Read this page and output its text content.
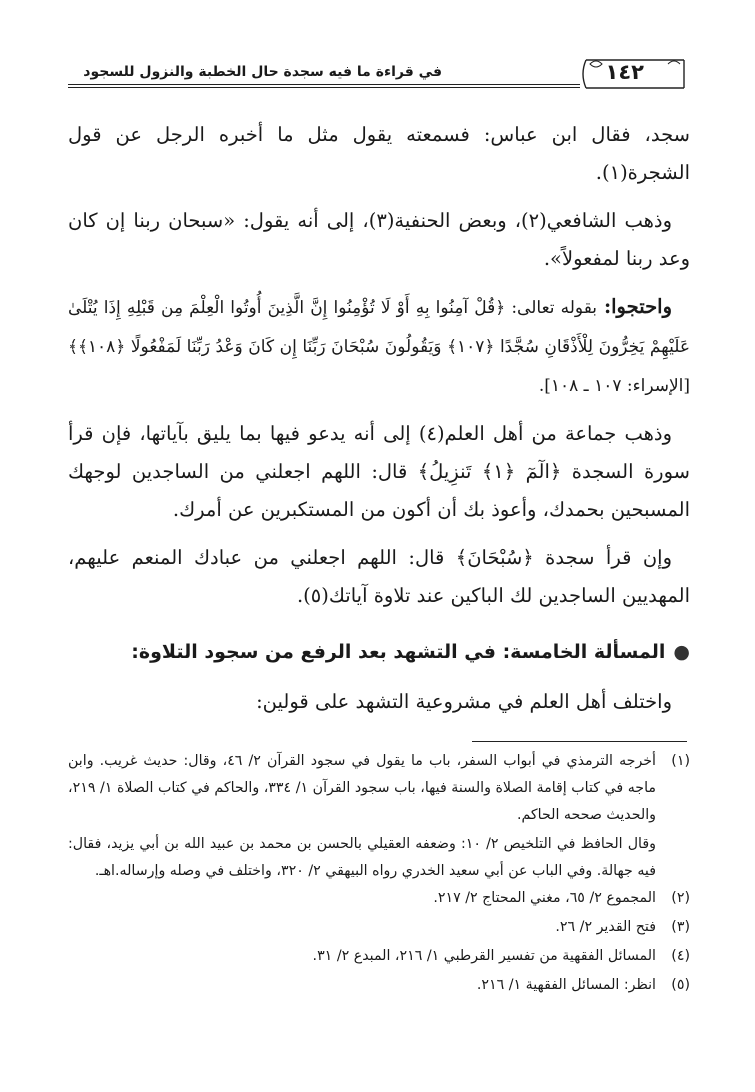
١٤٢
في قراءة ما فيه سجدة حال الخطبة والنزول للسجود

سجد، فقال ابن عباس: فسمعته يقول مثل ما أخبره الرجل عن قول الشجرة(١).

وذهب الشافعي(٢)، وبعض الحنفية(٣)، إلى أنه يقول: «سبحان ربنا إن كان وعد ربنا لمفعولاً».

واحتجوا: بقوله تعالى: ﴿قُلْ آمِنُوا بِهِ أَوْ لَا تُؤْمِنُوا إِنَّ الَّذِينَ أُوتُوا الْعِلْمَ مِن قَبْلِهِ إِذَا يُتْلَىٰ عَلَيْهِمْ يَخِرُّونَ لِلْأَذْقَانِ سُجَّدًا ﴿١٠٧﴾ وَيَقُولُونَ سُبْحَانَ رَبِّنَا إِن كَانَ وَعْدُ رَبِّنَا لَمَفْعُولًا ﴿١٠٨﴾﴾ [الإسراء: ١٠٧ ـ ١٠٨].

وذهب جماعة من أهل العلم(٤) إلى أنه يدعو فيها بما يليق بآياتها، فإن قرأ سورة السجدة ﴿الٓمٓ ﴿١﴾ تَنزِيلُ﴾ قال: اللهم اجعلني من الساجدين لوجهك المسبحين بحمدك، وأعوذ بك أن أكون من المستكبرين عن أمرك.

وإن قرأ سجدة ﴿سُبْحَانَ﴾ قال: اللهم اجعلني من عبادك المنعم عليهم، المهديين الساجدين لك الباكين عند تلاوة آياتك(٥).

●المسألة الخامسة: في التشهد بعد الرفع من سجود التلاوة:
واختلف أهل العلم في مشروعية التشهد على قولين:
(١)
أخرجه الترمذي في أبواب السفر، باب ما يقول في سجود القرآن ٢/ ٤٦، وقال: حديث غريب. وابن ماجه في كتاب إقامة الصلاة والسنة فيها، باب سجود القرآن ١/ ٣٣٤، والحاكم في كتاب الصلاة ١/ ٢١٩، والحديث صححه الحاكم.
وقال الحافظ في التلخيص ٢/ ١٠: وضعفه العقيلي بالحسن بن محمد بن عبيد الله بن أبي يزيد، فقال: فيه جهالة. وفي الباب عن أبي سعيد الخدري رواه البيهقي ٢/ ٣٢٠، واختلف في وصله وإرساله.اهـ.
(٢)
المجموع ٢/ ٦٥، مغني المحتاج ٢/ ٢١٧.
(٣)
فتح القدير ٢/ ٢٦.
(٤)
المسائل الفقهية من تفسير القرطبي ١/ ٢١٦، المبدع ٢/ ٣١.
(٥)
انظر: المسائل الفقهية ١/ ٢١٦.
